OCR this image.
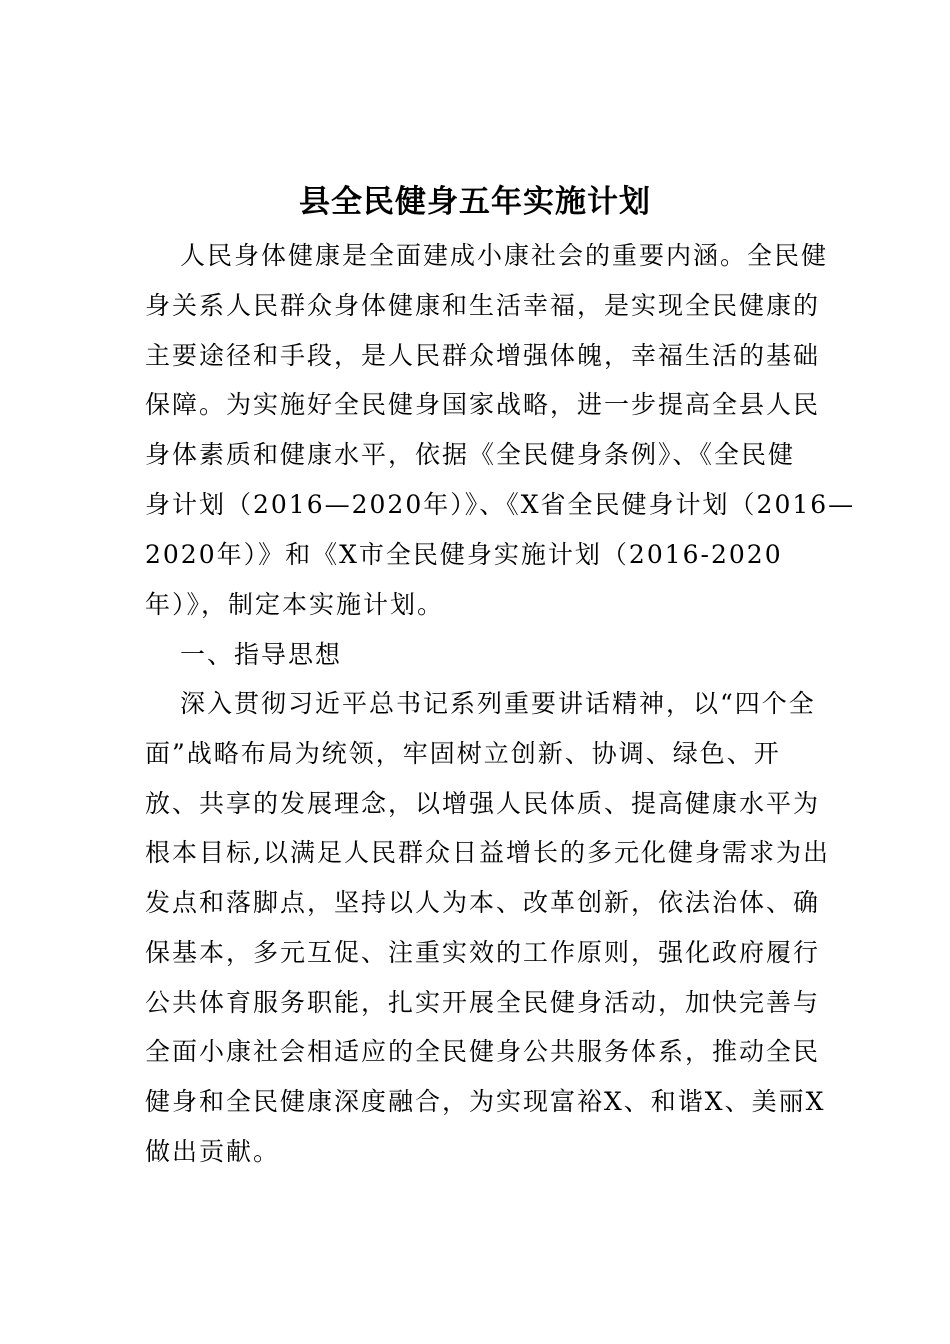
县全民健身五年实施计划
人民身体健康是全面建成小康社会的重要内涵。全民健
身关系人民群众身体健康和生活幸福，是实现全民健康的
主要途径和手段，是人民群众增强体魄，幸福生活的基础
保障。为实施好全民健身国家战略，进一步提高全县人民
身体素质和健康水平，依据《全民健身条例》、《全民健
身计划（2016—2020年）》、《X省全民健身计划（2016—
2020年）》和《X市全民健身实施计划（2016-2020
年）》，制定本实施计划。
一、指导思想
深入贯彻习近平总书记系列重要讲话精神，以“四个全
面”战略布局为统领，牢固树立创新、协调、绿色、开
放、共享的发展理念，以增强人民体质、提高健康水平为
根本目标,以满足人民群众日益增长的多元化健身需求为出
发点和落脚点，坚持以人为本、改革创新，依法治体、确
保基本，多元互促、注重实效的工作原则，强化政府履行
公共体育服务职能，扎实开展全民健身活动，加快完善与
全面小康社会相适应的全民健身公共服务体系，推动全民
健身和全民健康深度融合，为实现富裕X、和谐X、美丽X
做出贡献。
